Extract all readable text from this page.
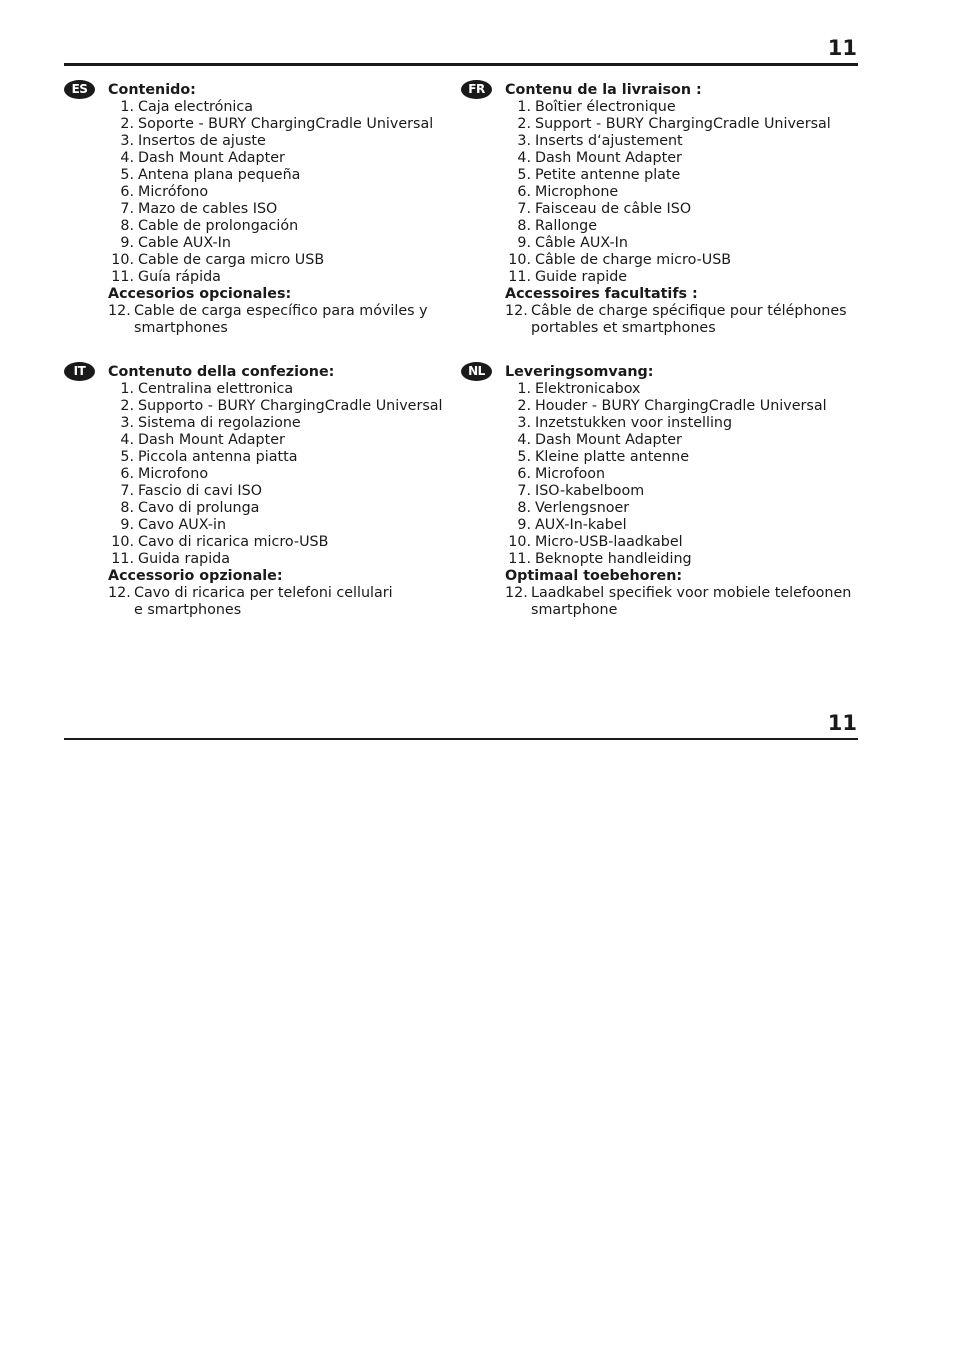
11
ES	Contenido:

1. Caja electrónica
2. Soporte - BURY ChargingCradle Universal
3. Insertos de ajuste
4. Dash Mount Adapter
5. Antena plana pequeña
6. Micrófono
7. Mazo de cables ISO
8. Cable de prolongación
9. Cable AUX-In
10. Cable de carga micro USB
11. Guía rápida

Accesorios opcionales:

12. Cable de carga específico para móviles y smartphones
FR	Contenu de la livraison :

1. Boîtier électronique
2. Support - BURY ChargingCradle Universal
3. Inserts d‘ajustement
4. Dash Mount Adapter
5. Petite antenne plate
6. Microphone
7. Faisceau de câble ISO
8. Rallonge
9. Câble AUX-In
10. Câble de charge micro-USB
11. Guide rapide

Accessoires facultatifs :

12. Câble de charge spécifique pour téléphones portables et smartphones
IT	Contenuto della confezione:

1. Centralina elettronica
2. Supporto - BURY ChargingCradle Universal
3. Sistema di regolazione
4. Dash Mount Adapter
5. Piccola antenna piatta
6. Microfono
7. Fascio di cavi ISO
8. Cavo di prolunga
9. Cavo AUX-in
10. Cavo di ricarica micro-USB
11. Guida rapida

Accessorio opzionale:

12. Cavo di ricarica per telefoni cellulari e smartphones
NL	Leveringsomvang:

1. Elektronicabox
2. Houder - BURY ChargingCradle Universal
3. Inzetstukken voor instelling
4. Dash Mount Adapter
5. Kleine platte antenne
6. Microfoon
7. ISO-kabelboom
8. Verlengsnoer
9. AUX-In-kabel
10. Micro-USB-laadkabel
11. Beknopte handleiding

Optimaal toebehoren:

12. Laadkabel specifiek voor mobiele telefoonen smartphone
11
